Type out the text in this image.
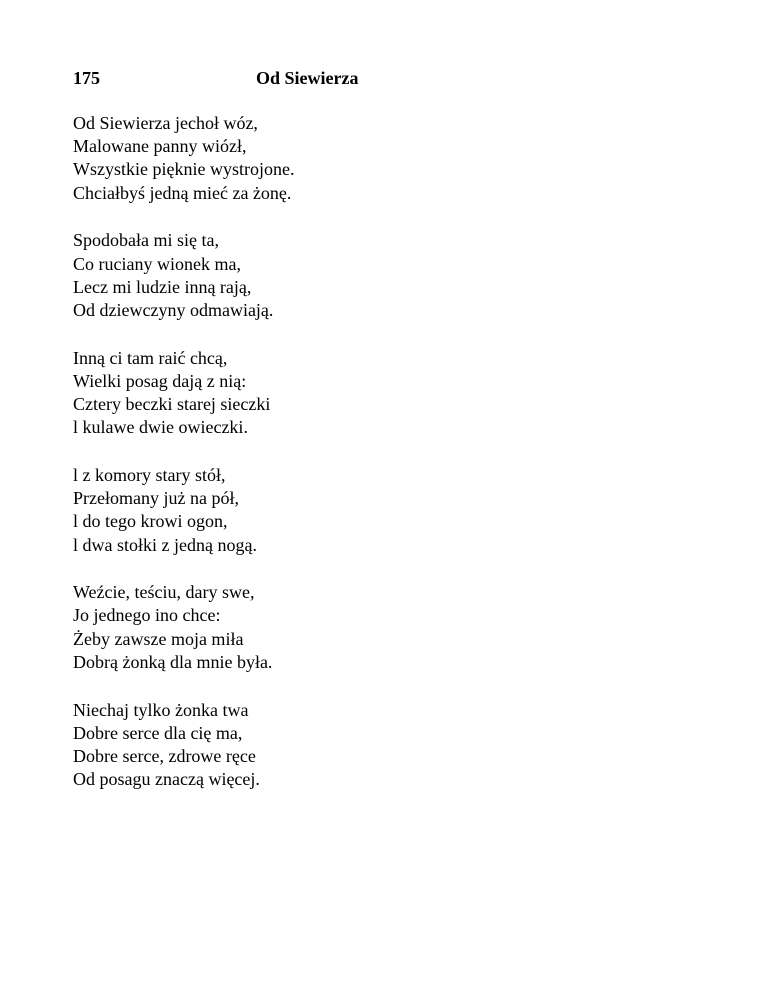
175	Od Siewierza
Od Siewierza jechoł wóz,
Malowane panny wiózł,
Wszystkie pięknie wystrojone.
Chciałbyś jedną mieć za żonę.
Spodobała mi się ta,
Co ruciany wionek ma,
Lecz mi ludzie inną rają,
Od dziewczyny odmawiają.
Inną ci tam raić chcą,
Wielki posag dają z nią:
Cztery beczki starej sieczki
l kulawe dwie owieczki.
l z komory stary stół,
Przełomany już na pół,
l do tego krowi ogon,
l dwa stołki z jedną nogą.
Weźcie, teściu, dary swe,
Jo jednego ino chce:
Żeby zawsze moja miła
Dobrą żonką dla mnie była.
Niechaj tylko żonka twa
Dobre serce dla cię ma,
Dobre serce, zdrowe ręce
Od posagu znaczą więcej.
